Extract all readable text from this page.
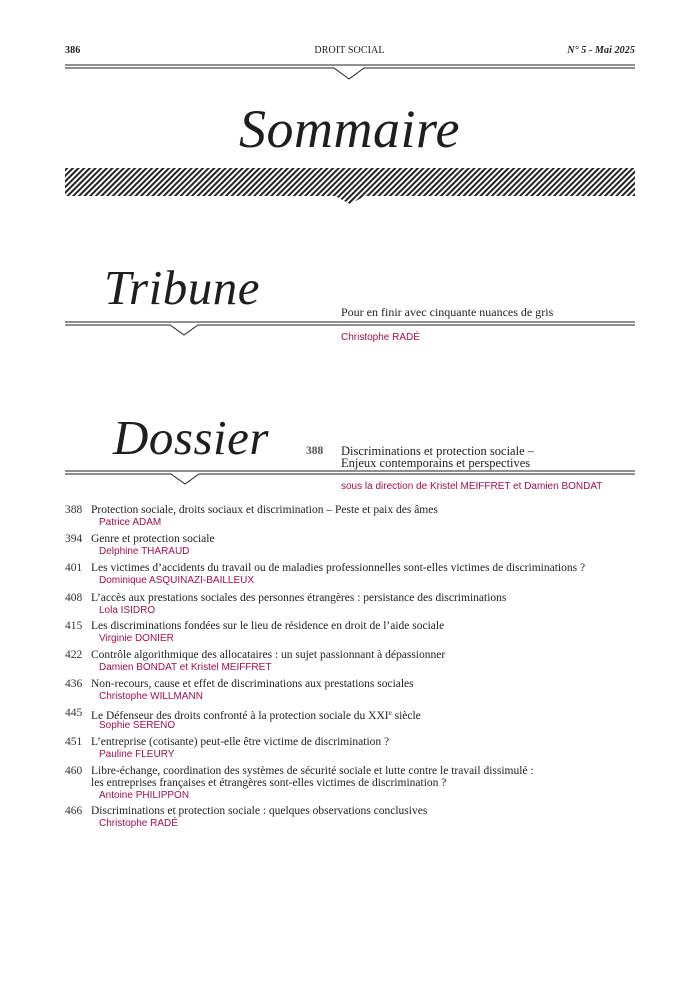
386	DROIT SOCIAL	N° 5 - Mai 2025
Sommaire
Tribune	Pour en finir avec cinquante nuances de gris
Christophe RADÉ
Dossier	388 Discriminations et protection sociale –
Enjeux contemporains et perspectives
sous la direction de Kristel MEIFFRET et Damien BONDAT
388 Protection sociale, droits sociaux et discrimination – Peste et paix des âmes
Patrice ADAM
394 Genre et protection sociale
Delphine THARAUD
401 Les victimes d’accidents du travail ou de maladies professionnelles sont-elles victimes de discriminations ?
Dominique ASQUINAZI-BAILLEUX
408 L’accès aux prestations sociales des personnes étrangères : persistance des discriminations
Lola ISIDRO
415 Les discriminations fondées sur le lieu de résidence en droit de l’aide sociale
Virginie DONIER
422 Contrôle algorithmique des allocataires : un sujet passionnant à dépassionner
Damien BONDAT et Kristel MEIFFRET
436 Non-recours, cause et effet de discriminations aux prestations sociales
Christophe WILLMANN
445 Le Défenseur des droits confronté à la protection sociale du XXIe siècle
Sophie SERENO
451 L’entreprise (cotisante) peut-elle être victime de discrimination ?
Pauline FLEURY
460 Libre-échange, coordination des systèmes de sécurité sociale et lutte contre le travail dissimulé :
les entreprises françaises et étrangères sont-elles victimes de discrimination ?
Antoine PHILIPPON
466 Discriminations et protection sociale : quelques observations conclusives
Christophe RADÉ
